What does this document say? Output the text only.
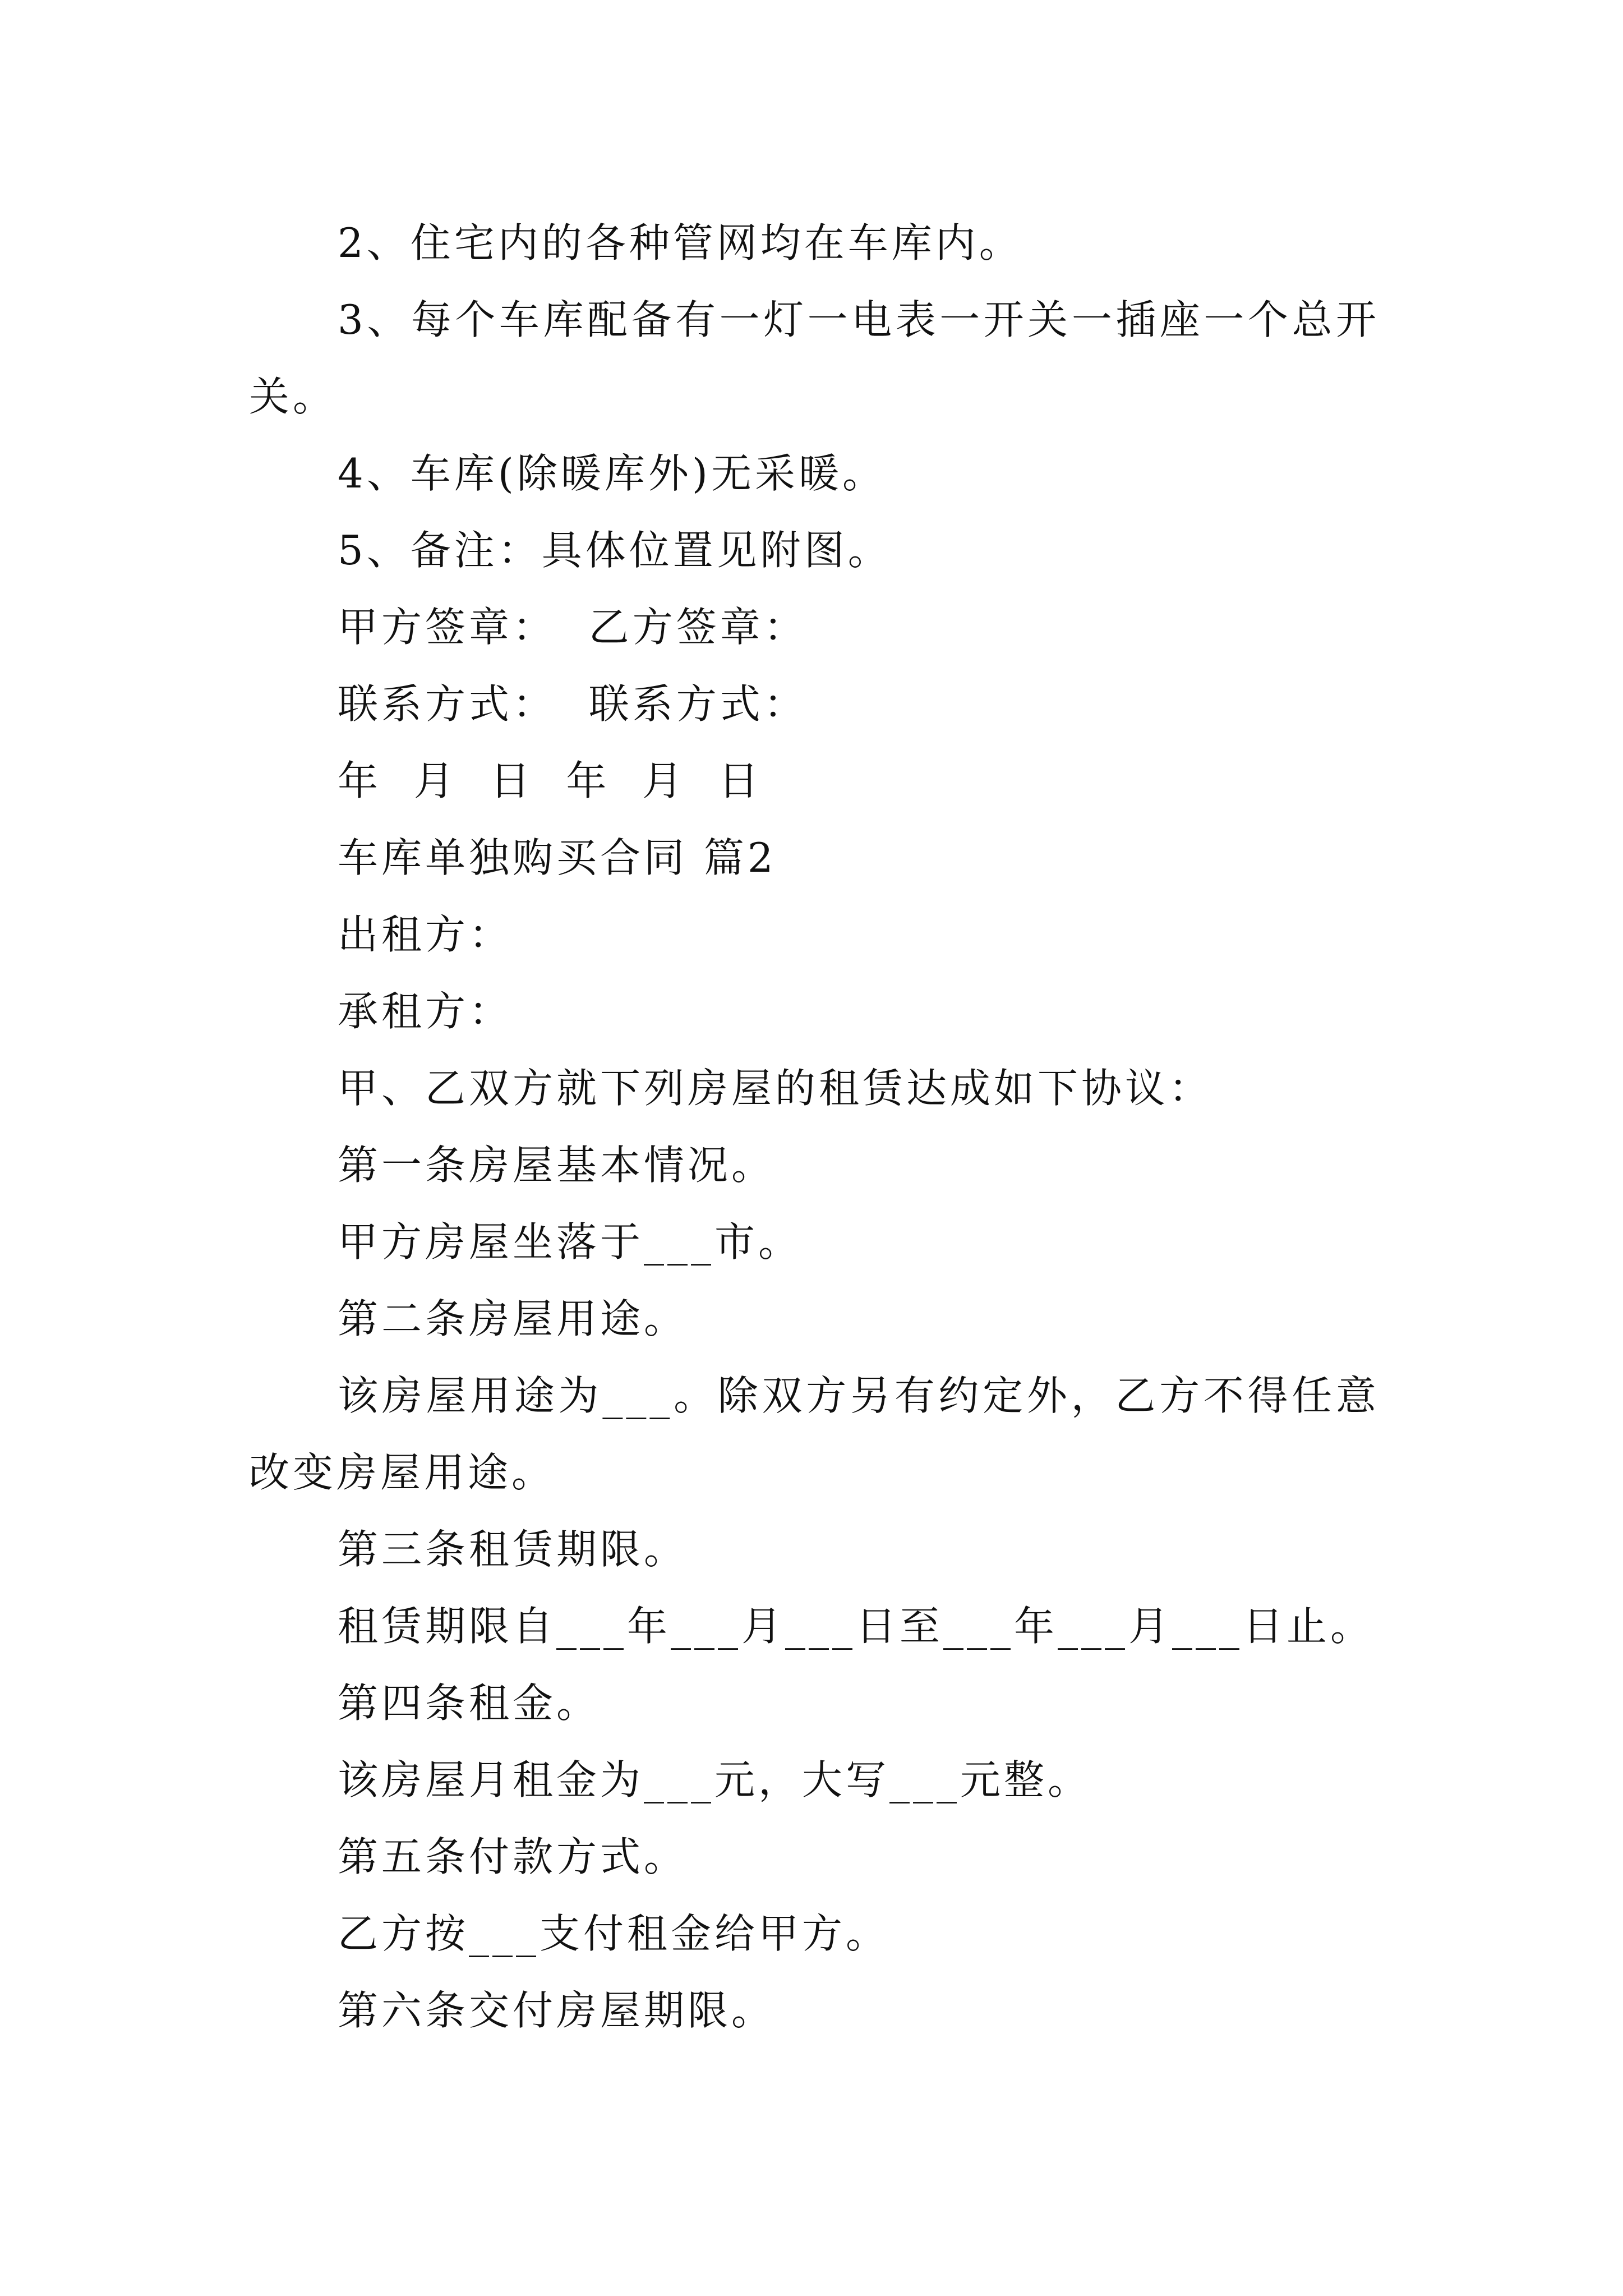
2、住宅内的各种管网均在车库内。

3、每个车库配备有一灯一电表一开关一插座一个总开关。

4、车库(除暖库外)无采暖。

5、备注：具体位置见附图。

甲方签章：  乙方签章：

联系方式：  联系方式：

年  月  日  年  月  日

车库单独购买合同 篇2

出租方：

承租方：

甲、乙双方就下列房屋的租赁达成如下协议：

第一条房屋基本情况。

甲方房屋坐落于___市。

第二条房屋用途。

该房屋用途为___。除双方另有约定外，乙方不得任意改变房屋用途。

第三条租赁期限。

租赁期限自___年___月___日至___年___月___日止。

第四条租金。

该房屋月租金为___元，大写___元整。

第五条付款方式。

乙方按___支付租金给甲方。

第六条交付房屋期限。
